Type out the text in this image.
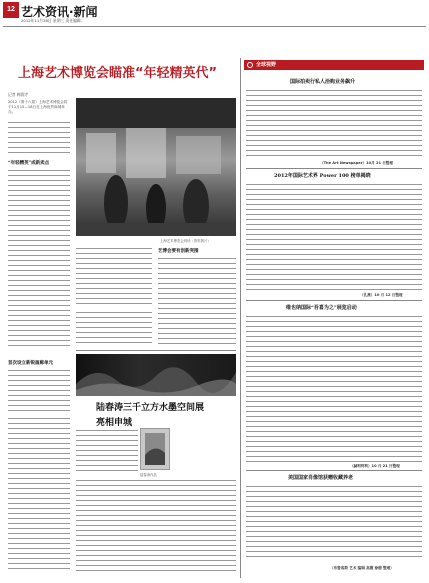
12 艺术资讯·新闻
2012年11月28日 星期三 责任编辑：
上海艺术博览会瞄准“年轻精英代”
记者 韩润寺
2012（第十六届）上海艺术博览会将于11月15—18日在上海世贸商城举办。
“年轻精英”成新卖点
首次设立新锐画廊单元
上海艺术博览会现场（资料图片）
艺博会要有创新突围
陆春涛三千立方水墨空间展
亮相申城
陆春涛作品
全球视野
国际拍卖行私人洽购业务飙升
（The Art Newspaper）10月 21 日整理
2012年国际艺术界 Power 100 榜单揭晓
（孔燕）10 月 12 日整理
维也纳国际“吾喜为之”展览启动
（赫利利利）10 月 21 日整理
美国国家肖像馆获赠收藏养老
（布鲁客斯 艺术 编辑 高霞 徐德 整理）
